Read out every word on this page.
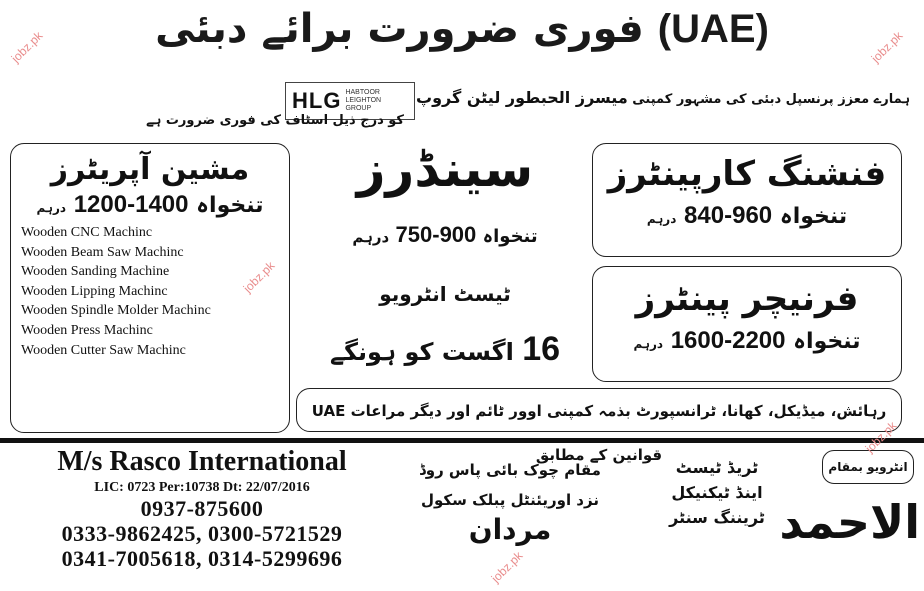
(UAE) فوری ضرورت برائے دبئی
ہمارے معزز پرنسپل دبئی کی مشہور کمپنی میسرز الحبطور لیٹن گروپ
HLG HABTOOR
LEIGHTON
GROUP
کو درج ذیل اسٹاف کی فوری ضرورت ہے
فنشنگ کارپینٹرز
تنخواہ 960-840 درہم
فرنیچر پینٹرز
تنخواہ 2200-1600 درہم
سینڈرز
تنخواہ 900-750 درہم
ٹیسٹ انٹرویو
16 اگست کو ہونگے
مشین آپریٹرز
تنخواہ 1400-1200 درہم
Wooden CNC Machinc
Wooden Beam Saw Machinc
Wooden Sanding Machine
Wooden Lipping Machinc
Wooden Spindle Molder Machinc
Wooden Press Machinc
Wooden Cutter Saw Machinc
رہائش، میڈیکل، کھانا، ٹرانسپورٹ بذمہ کمپنی اوور ٹائم اور دیگر مراعات UAE قوانین کے مطابق
M/s Rasco International
LIC: 0723 Per:10738 Dt: 22/07/2016
0937-875600
0333-9862425, 0300-5721529
0341-7005618, 0314-5299696
مقام چوک بائی پاس روڈ
نزد اوریئنٹل پبلک سکول
مردان
ٹریڈ ٹیسٹ
اینڈ ٹیکنیکل
ٹریننگ سنٹر
انٹرویو بمقام
الاحمد
jobz.pk	jobz.pk
jobz.pk
jobz.pk
jobz.pk
